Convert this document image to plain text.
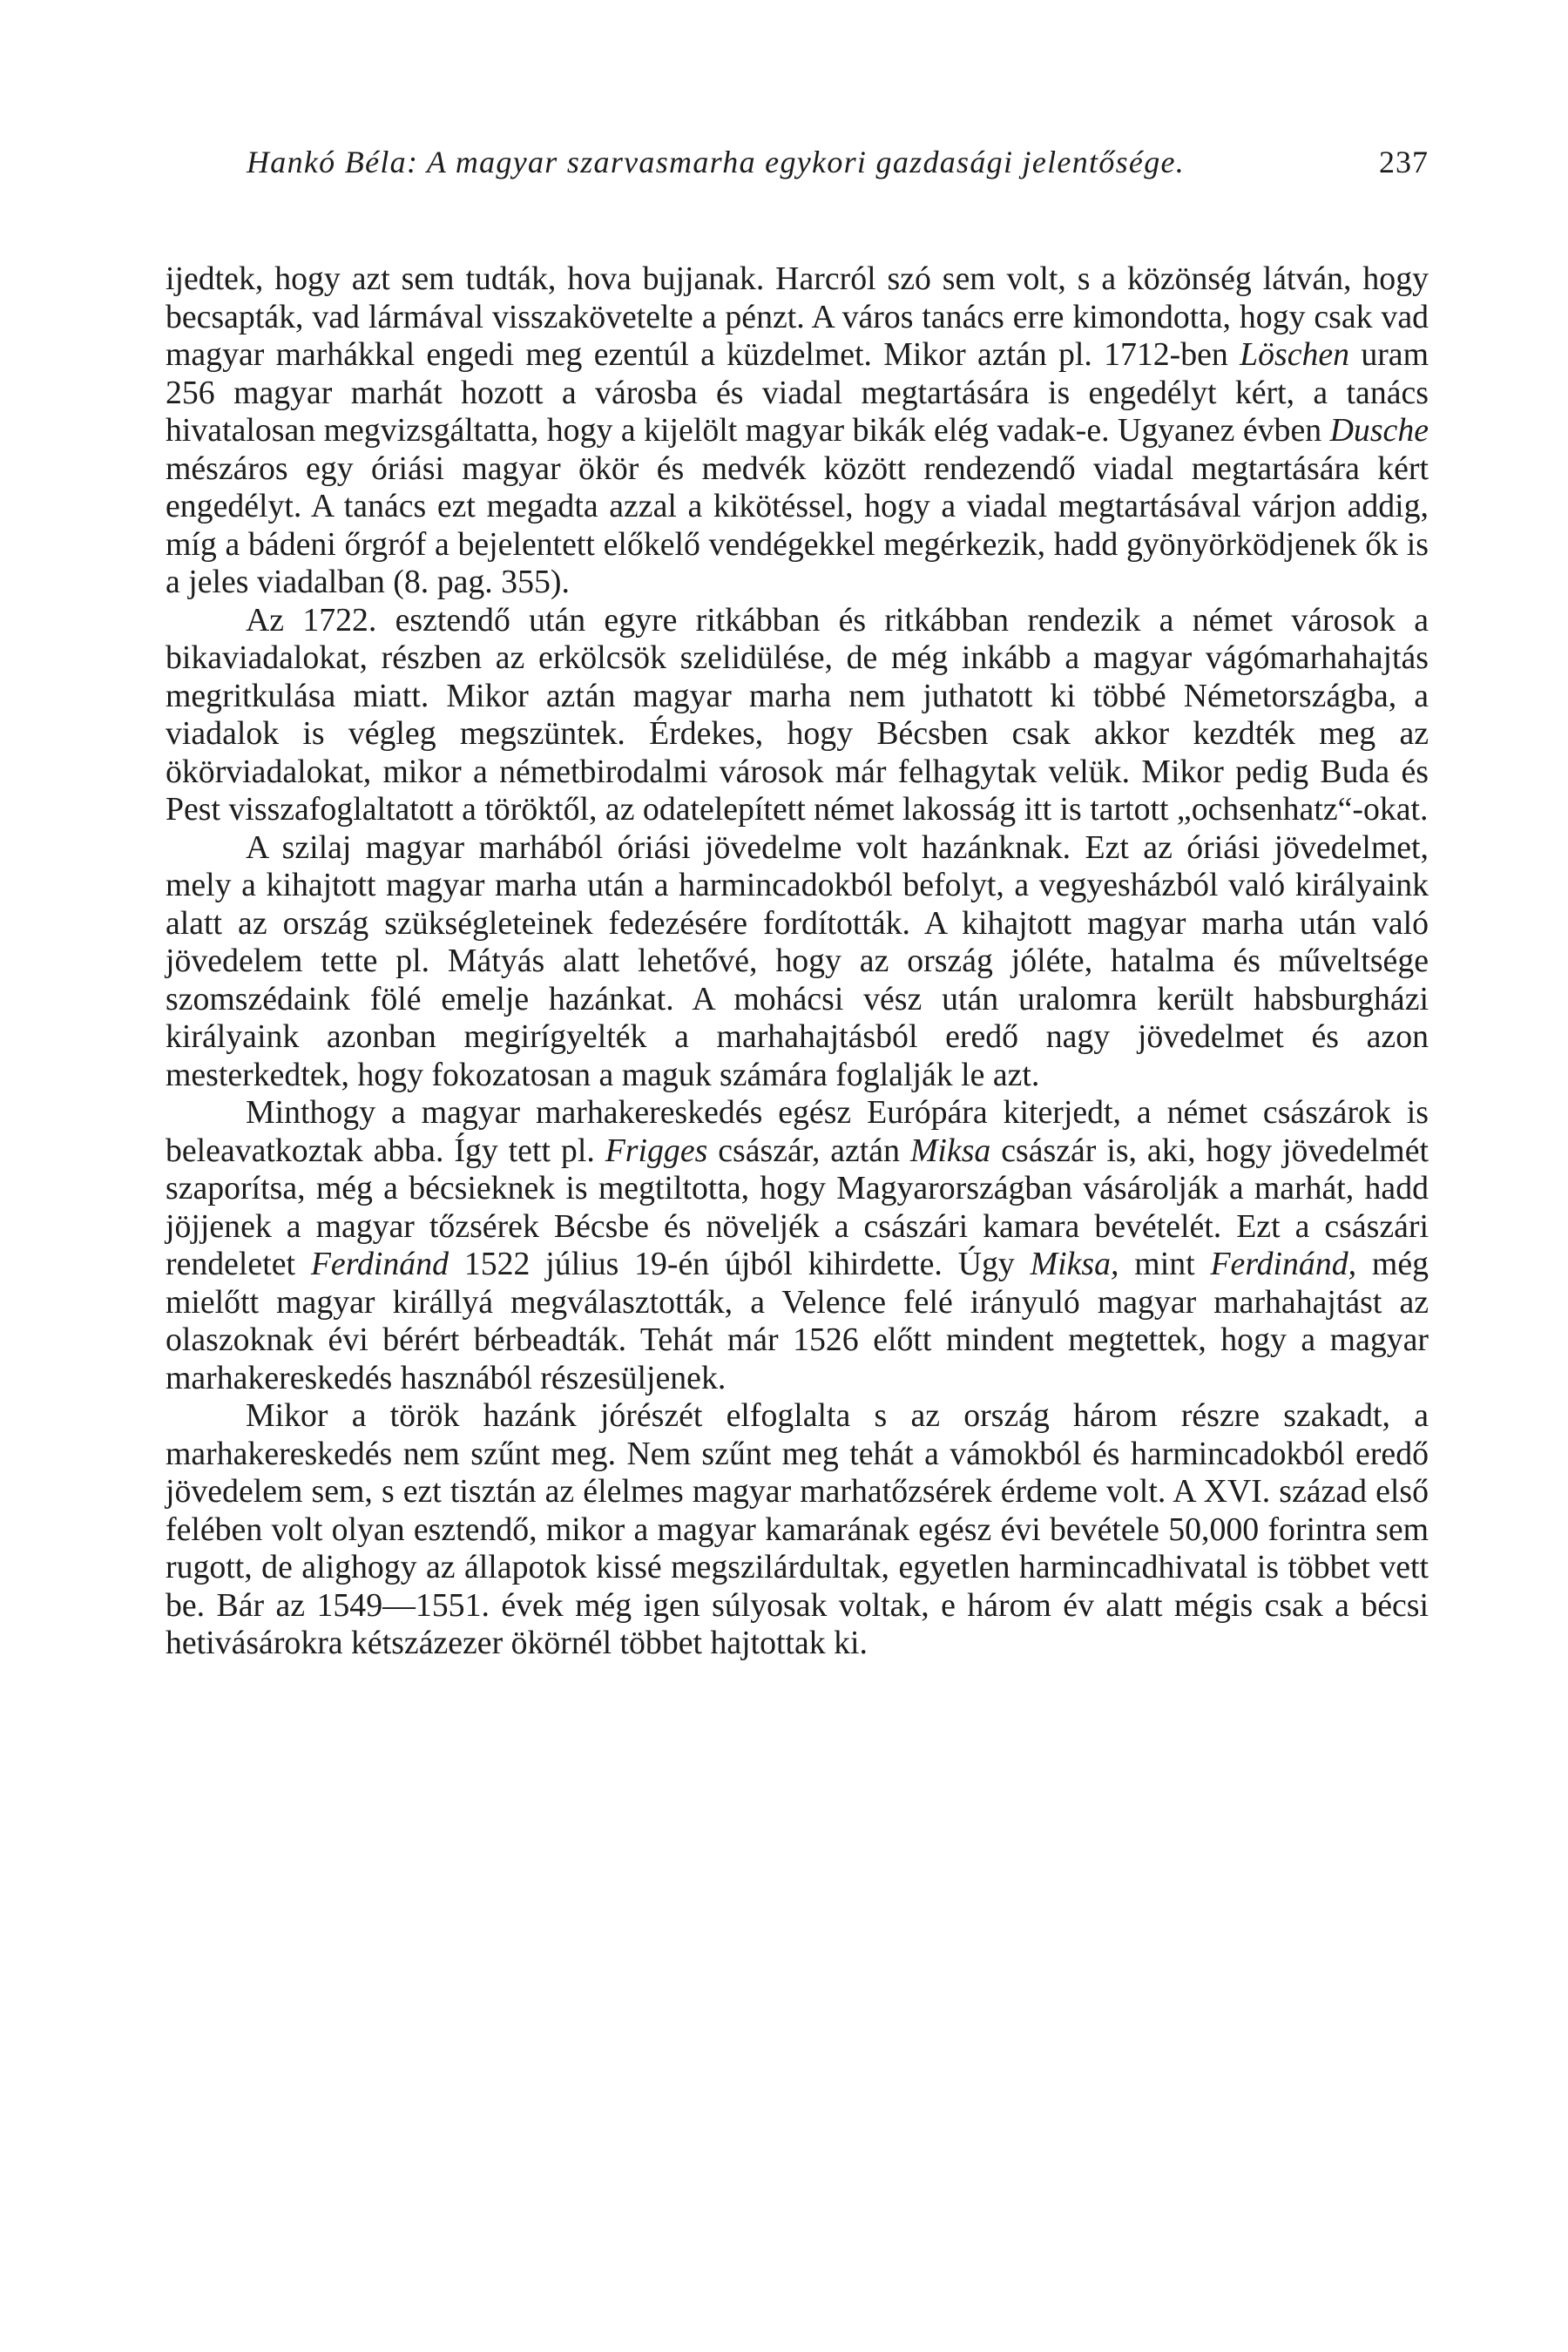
Hankó Béla: A magyar szarvasmarha egykori gazdasági jelentősége.	237

ijedtek, hogy azt sem tudták, hova bujjanak. Harcról szó sem volt, s a közönség látván, hogy becsapták, vad lármával visszakövetelte a pénzt. A város tanács erre kimondotta, hogy csak vad magyar marhákkal engedi meg ezentúl a küzdelmet. Mikor aztán pl. 1712-ben Löschen uram 256 magyar marhát hozott a városba és viadal megtartására is engedélyt kért, a tanács hivatalosan megvizsgáltatta, hogy a kijelölt magyar bikák elég vadak-e. Ugyanez évben Dusche mészáros egy óriási magyar ökör és medvék között rendezendő viadal megtartására kért engedélyt. A tanács ezt megadta azzal a kikötéssel, hogy a viadal megtartásával várjon addig, míg a bádeni őrgróf a bejelentett előkelő vendégekkel megérkezik, hadd gyönyörködjenek ők is a jeles viadalban (8. pag. 355).

Az 1722. esztendő után egyre ritkábban és ritkábban rendezik a német városok a bikaviadalokat, részben az erkölcsök szelidülése, de még inkább a magyar vágómarhahajtás megritkulása miatt. Mikor aztán magyar marha nem juthatott ki többé Németországba, a viadalok is végleg megszüntek. Érdekes, hogy Bécsben csak akkor kezdték meg az ökörviadalokat, mikor a németbirodalmi városok már felhagytak velük. Mikor pedig Buda és Pest visszafoglaltatott a töröktől, az odatelepített német lakosság itt is tartott „ochsenhatz“-okat.

A szilaj magyar marhából óriási jövedelme volt hazánknak. Ezt az óriási jövedelmet, mely a kihajtott magyar marha után a harmincadokból befolyt, a vegyesházból való királyaink alatt az ország szükségleteinek fedezésére fordították. A kihajtott magyar marha után való jövedelem tette pl. Mátyás alatt lehetővé, hogy az ország jóléte, hatalma és műveltsége szomszédaink fölé emelje hazánkat. A mohácsi vész után uralomra került habsburgházi királyaink azonban megirígyelték a marhahajtásból eredő nagy jövedelmet és azon mesterkedtek, hogy fokozatosan a maguk számára foglalják le azt.

Minthogy a magyar marhakereskedés egész Európára kiterjedt, a német császárok is beleavatkoztak abba. Így tett pl. Frigges császár, aztán Miksa császár is, aki, hogy jövedelmét szaporítsa, még a bécsieknek is megtiltotta, hogy Magyarországban vásárolják a marhát, hadd jöjjenek a magyar tőzsérek Bécsbe és növeljék a császári kamara bevételét. Ezt a császári rendeletet Ferdinánd 1522 július 19-én újból kihirdette. Úgy Miksa, mint Ferdinánd, még mielőtt magyar királlyá megválasztották, a Velence felé irányuló magyar marhahajtást az olaszoknak évi bérért bérbeadták. Tehát már 1526 előtt mindent megtettek, hogy a magyar marhakereskedés hasznából részesüljenek.

Mikor a török hazánk jórészét elfoglalta s az ország három részre szakadt, a marhakereskedés nem szűnt meg. Nem szűnt meg tehát a vámokból és harmincadokból eredő jövedelem sem, s ezt tisztán az élelmes magyar marhatőzsérek érdeme volt. A XVI. század első felében volt olyan esztendő, mikor a magyar kamarának egész évi bevétele 50,000 forintra sem rugott, de alighogy az állapotok kissé megszilárdultak, egyetlen harmincadhivatal is többet vett be. Bár az 1549—1551. évek még igen súlyosak voltak, e három év alatt mégis csak a bécsi hetivásárokra kétszázezer ökörnél többet hajtottak ki.
